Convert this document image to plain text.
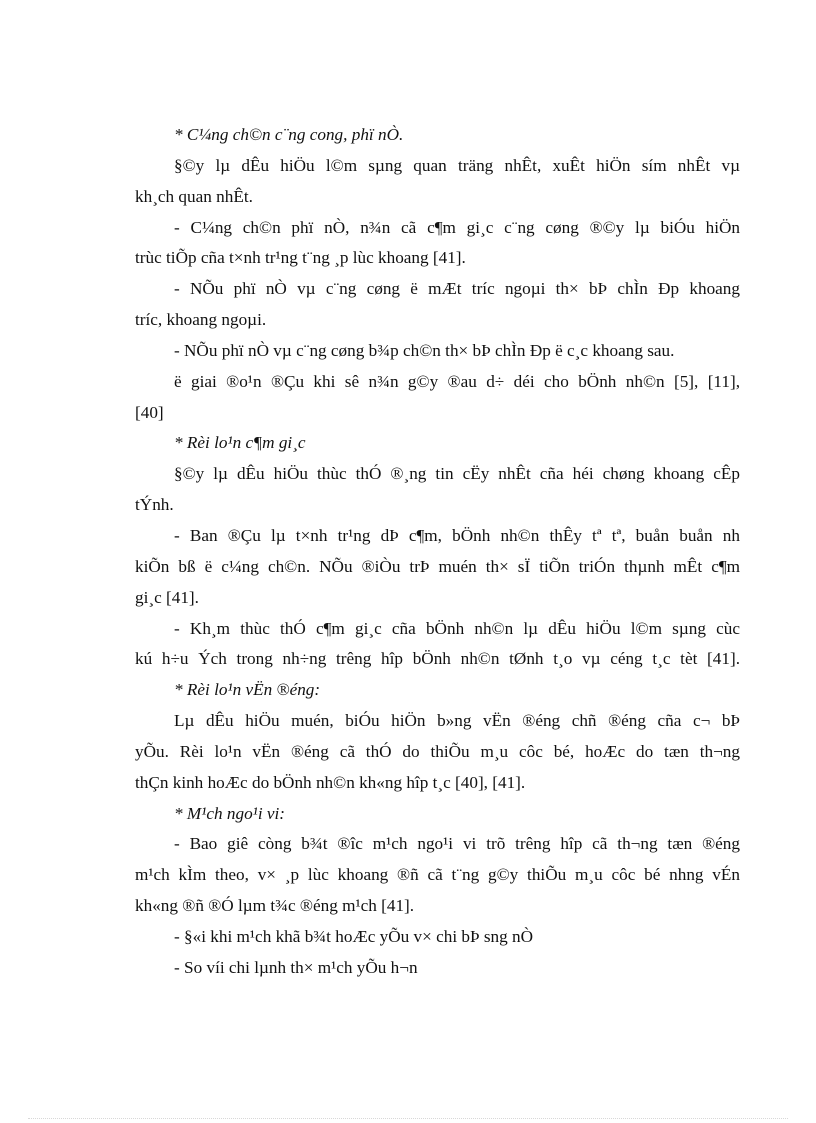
* C¼ng ch©n c¨ng cong, phï nÒ.
§©y lµ dÊu hiÖu l©m sµng quan träng nhÊt, xuÊt hiÖn sím nhÊt vµ
kh¸ch quan nhÊt.
- C¼ng ch©n phï nÒ, n¾n cã c¶m gi¸c c¨ng cøng ®©y lµ biÓu hiÖn
trùc tiÕp cña t×nh tr¹ng t¨ng ¸p lùc khoang [41].
- NÕu phï nÒ vµ c¨ng cøng ë mÆt tríc ngoµi th× bÞ chÌn Ðp khoang
tríc, khoang ngoµi.
- NÕu phï nÒ vµ c¨ng cøng b¾p ch©n th× bÞ chÌn Ðp ë c¸c khoang sau.
ë giai ®o¹n ®Çu khi sê n¾n g©y ®au d÷ déi cho bÖnh nh©n [5], [11],
[40]
* Rèi lo¹n c¶m gi¸c
§©y lµ dÊu hiÖu thùc thÓ ®¸ng tin cËy nhÊt cña héi chøng khoang cÊp
tÝnh.
- Ban ®Çu lµ t×nh tr¹ng dÞ c¶m, bÖnh nh©n thÊy tª tª, buån buån nh
kiÕn bß ë c¼ng ch©n. NÕu ®iÒu trÞ muén th× sÏ tiÕn triÓn thµnh mÊt c¶m
gi¸c [41].
- Kh¸m thùc thÓ c¶m gi¸c cña bÖnh nh©n lµ dÊu hiÖu l©m sµng cùc
kú h÷u Ých trong nh÷ng trêng hîp bÖnh nh©n tØnh t¸o vµ céng t¸c tèt [41].
* Rèi lo¹n vËn ®éng:
Lµ dÊu hiÖu muén, biÓu hiÖn b»ng vËn ®éng chñ ®éng cña c¬ bÞ
yÕu. Rèi lo¹n vËn ®éng cã thÓ do thiÕu m¸u côc bé, hoÆc do tæn th¬ng
thÇn kinh hoÆc do bÖnh nh©n kh«ng hîp t¸c [40], [41].
* M¹ch ngo¹i vi:
- Bao giê còng b¾t ®îc m¹ch ngo¹i vi trõ trêng hîp cã th¬ng tæn ®éng
m¹ch kÌm theo, v× ¸p lùc khoang ®ñ cã t¨ng g©y thiÕu m¸u côc bé nhng vÉn
kh«ng ®ñ ®Ó lµm t¾c ®éng m¹ch [41].
- §«i khi m¹ch khã b¾t hoÆc yÕu v× chi bÞ sng nÒ
- So víi chi lµnh th× m¹ch yÕu h¬n
